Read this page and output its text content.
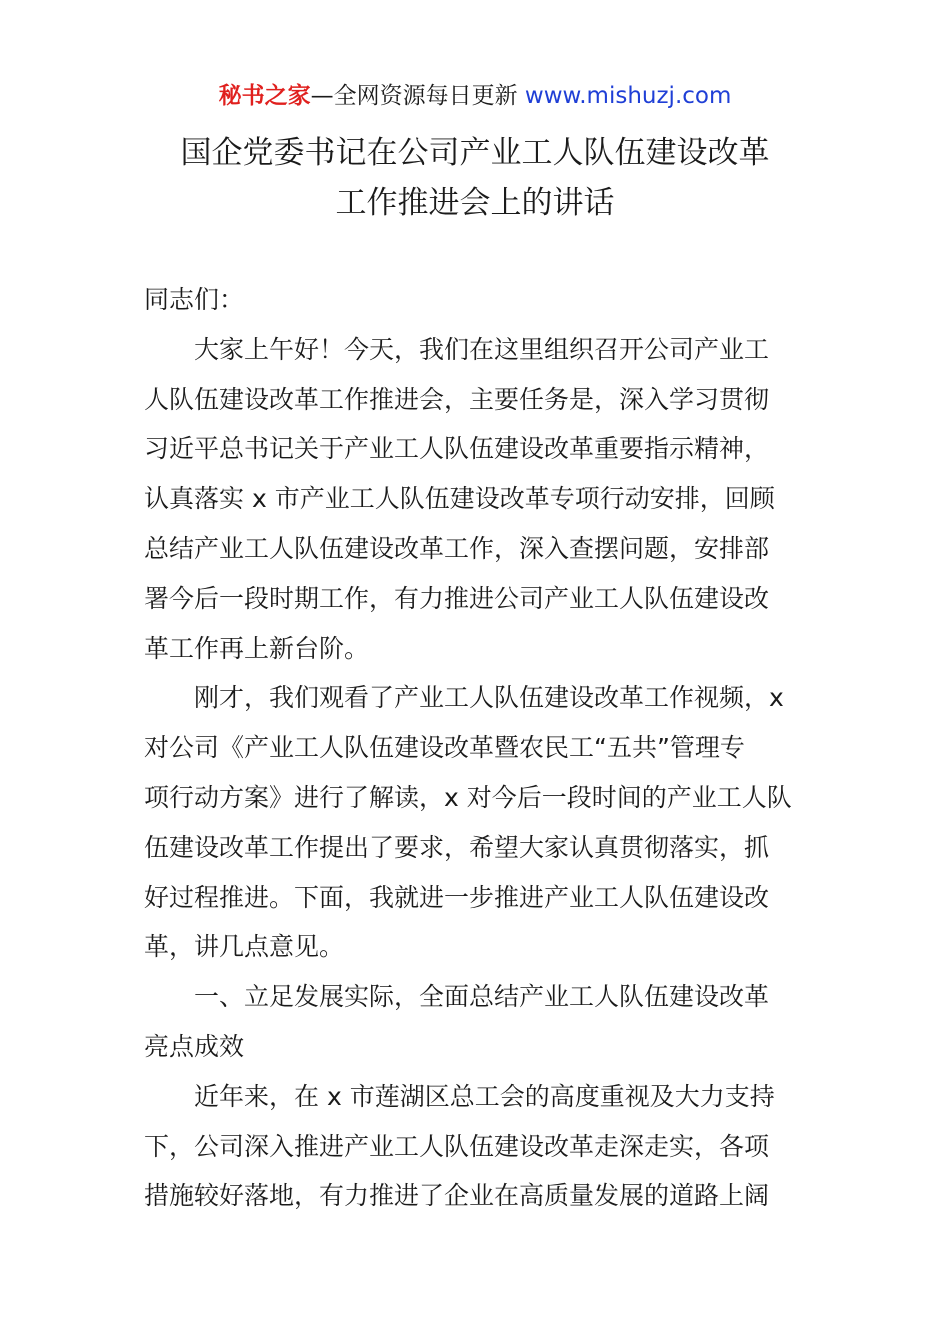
秘书之家—全网资源每日更新 www.mishuzj.com
国企党委书记在公司产业工人队伍建设改革
工作推进会上的讲话
同志们：
大家上午好！今天，我们在这里组织召开公司产业工
人队伍建设改革工作推进会，主要任务是，深入学习贯彻
习近平总书记关于产业工人队伍建设改革重要指示精神，
认真落实 x 市产业工人队伍建设改革专项行动安排，回顾
总结产业工人队伍建设改革工作，深入查摆问题，安排部
署今后一段时期工作，有力推进公司产业工人队伍建设改
革工作再上新台阶。
刚才，我们观看了产业工人队伍建设改革工作视频，x
对公司《产业工人队伍建设改革暨农民工“五共”管理专
项行动方案》进行了解读，x 对今后一段时间的产业工人队
伍建设改革工作提出了要求，希望大家认真贯彻落实，抓
好过程推进。下面，我就进一步推进产业工人队伍建设改
革，讲几点意见。
一、立足发展实际，全面总结产业工人队伍建设改革
亮点成效
近年来，在 x 市莲湖区总工会的高度重视及大力支持
下，公司深入推进产业工人队伍建设改革走深走实，各项
措施较好落地，有力推进了企业在高质量发展的道路上阔
